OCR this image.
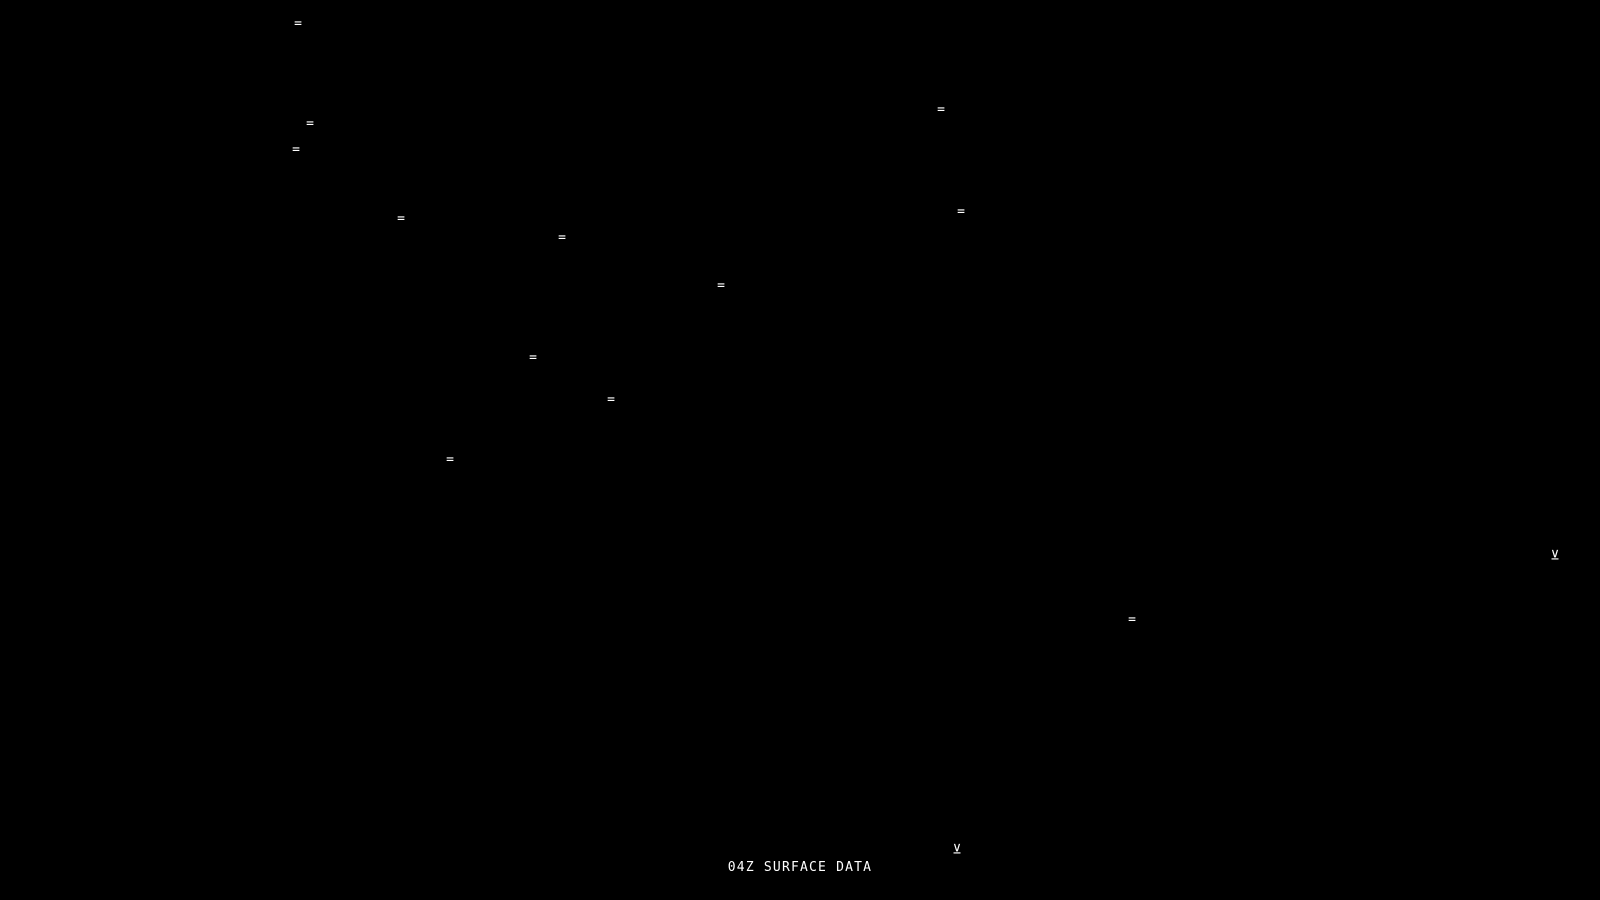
=
=
=
=
=	=
=
=
=
=
=
⊻
=
⊻
04Z SURFACE DATA
